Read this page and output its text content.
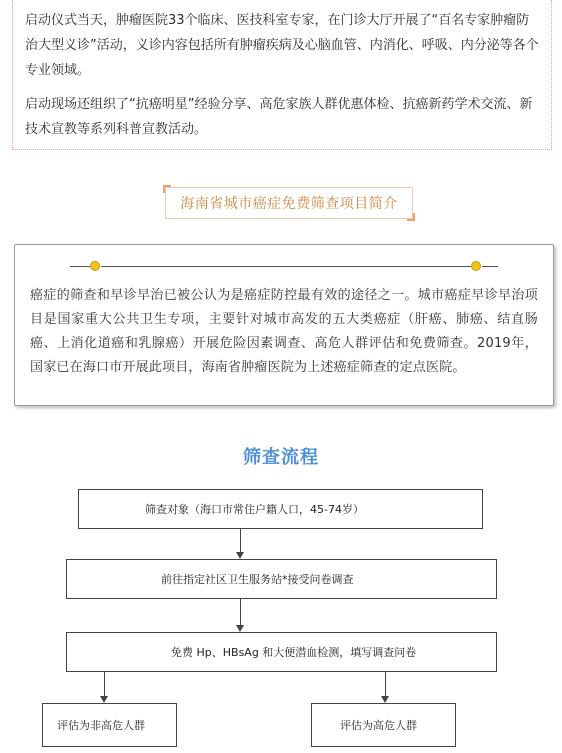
启动仪式当天，肿瘤医院33个临床、医技科室专家，在门诊大厅开展了“百名专家肿瘤防治大型义诊”活动，义诊内容包括所有肿瘤疾病及心脑血管、内消化、呼吸、内分泌等各个专业领域。

启动现场还组织了“抗癌明星”经验分享、高危家族人群优惠体检、抗癌新药学术交流、新技术宣教等系列科普宣教活动。

海南省城市癌症免费筛查项目简介
癌症的筛查和早诊早治已被公认为是癌症防控最有效的途径之一。城市癌症早诊早治项目是国家重大公共卫生专项，主要针对城市高发的五大类癌症（肝癌、肺癌、结直肠癌、上消化道癌和乳腺癌）开展危险因素调查、高危人群评估和免费筛查。2019年，国家已在海口市开展此项目，海南省肿瘤医院为上述癌症筛查的定点医院。
筛查流程
筛查对象（海口市常住户籍人口，45-74岁）
前往指定社区卫生服务站*接受问卷调查
免费 Hp、HBsAg 和大便潜血检测，填写调查问卷
评估为非高危人群	评估为高危人群
